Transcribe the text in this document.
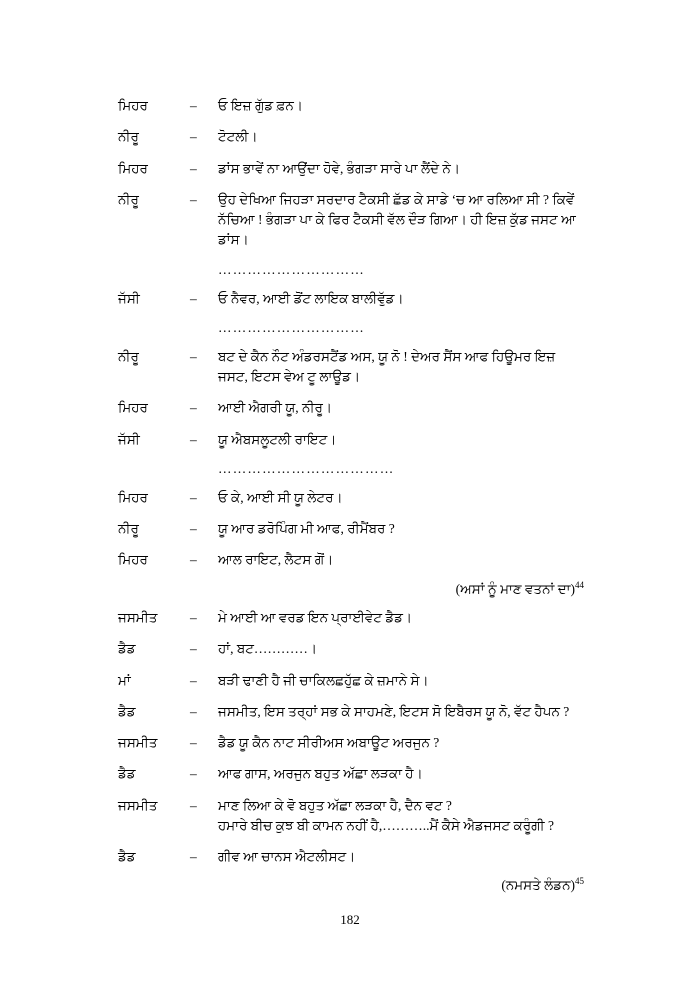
ਮਿਹਰ	–	ਓ ਇਜ਼ ਗੁੱਡ ਫ਼ਨ।
ਨੀਰੂ	–	ਟੋਟਲੀ।
ਮਿਹਰ	–	ਡਾਂਸ ਭਾਵੇਂ ਨਾ ਆਉਂਦਾ ਹੋਵੇ, ਭੰਗੜਾ ਸਾਰੇ ਪਾ ਲੈਂਦੇ ਨੇ।
ਨੀਰੂ	–	ਉਹ ਦੇਖਿਆ ਜਿਹੜਾ ਸਰਦਾਰ ਟੈਕਸੀ ਛੱਡ ਕੇ ਸਾਡੇ ‘ਚ ਆ ਰਲਿਆ ਸੀ ? ਕਿਵੇਂ
ਨੱਚਿਆ ! ਭੰਗੜਾ ਪਾ ਕੇ ਫਿਰ ਟੈਕਸੀ ਵੱਲ ਦੌੜ ਗਿਆ। ਹੀ ਇਜ਼ ਕੁੱਡ ਜਸਟ ਆ
ਡਾਂਸ।
…………………………
ਜੱਸੀ	–	ਓ ਨੈਵਰ, ਆਈ ਡੋਂਟ ਲਾਇਕ ਬਾਲੀਵੁੱਡ।
…………………………
ਨੀਰੂ	–	ਬਟ ਦੇ ਕੈਨ ਨੌਟ ਅੰਡਰਸਟੈਂਡ ਅਸ, ਯੂ ਨੋ ! ਦੇਅਰ ਸੈਂਸ ਆਫ ਹਿਊਮਰ ਇਜ਼
ਜਸਟ, ਇਟਸ ਵੇਅ ਟੂ ਲਾਊਡ।
ਮਿਹਰ	–	ਆਈ ਐਗਰੀ ਯੂ, ਨੀਰੂ।
ਜੱਸੀ	–	ਯੂ ਐਬਸਲੂਟਲੀ ਰਾਇਟ।
………………………………
ਮਿਹਰ	–	ਓ ਕੇ, ਆਈ ਸੀ ਯੂ ਲੇਟਰ।
ਨੀਰੂ	–	ਯੂ ਆਰ ਡਰੋਪਿੰਗ ਮੀ ਆਫ, ਰੀਮੈਂਬਰ ?
ਮਿਹਰ	–	ਆਲ ਰਾਇਟ, ਲੈਟਸ ਗੋਂ।
(ਅਸਾਂ ਨੂੰ ਮਾਣ ਵਤਨਾਂ ਦਾ)$^{44}$
ਜਸਮੀਤ	–	ਮੇ ਆਈ ਆ ਵਰਡ ਇਨ ਪ੍ਰਾਈਵੇਟ ਡੈਡ।
ਡੈਡ	–	ਹਾਂ, ਬਟ…………।
ਮਾਂ	–	ਬੜੀ ਢਾਣੀ ਹੈ ਜੀ ਚਾਕਿਲਛਹੁੱਛ ਕੇ ਜ਼ਮਾਨੇ ਸੇ।
ਡੈਡ	–	ਜਸਮੀਤ, ਇਸ ਤਰ੍ਹਾਂ ਸਭ ਕੇ ਸਾਹਮਣੇ, ਇਟਸ ਸੋ ਇਬੈਰਸ ਯੂ ਨੋ, ਵੱਟ ਹੈਪਨ ?
ਜਸਮੀਤ	–	ਡੈਡ ਯੂ ਕੈਨ ਨਾਟ ਸੀਰੀਅਸ ਅਬਾਊਟ ਅਰਜੁਨ ?
ਡੈਡ	–	ਆਫ ਗਾਸ, ਅਰਜੁਨ ਬਹੁਤ ਅੱਛਾ ਲੜਕਾ ਹੈ।
ਜਸਮੀਤ	–	ਮਾਣ ਲਿਆ ਕੇ ਵੋ ਬਹੁਤ ਅੱਛਾ ਲੜਕਾ ਹੈ, ਦੈਨ ਵਟ ?
ਹਮਾਰੇ ਬੀਚ ਕੁਝ ਬੀ ਕਾਮਨ ਨਹੀਂ ਹੈ,………..ਮੈਂ ਕੈਸੇ ਐਡਜਸਟ ਕਰੂੰਗੀ ?
ਡੈਡ	–	ਗੀਵ ਆ ਚਾਨਸ ਐਟਲੀਸਟ।
(ਨਮਸਤੇ ਲੰਡਨ)$^{45}$
182
